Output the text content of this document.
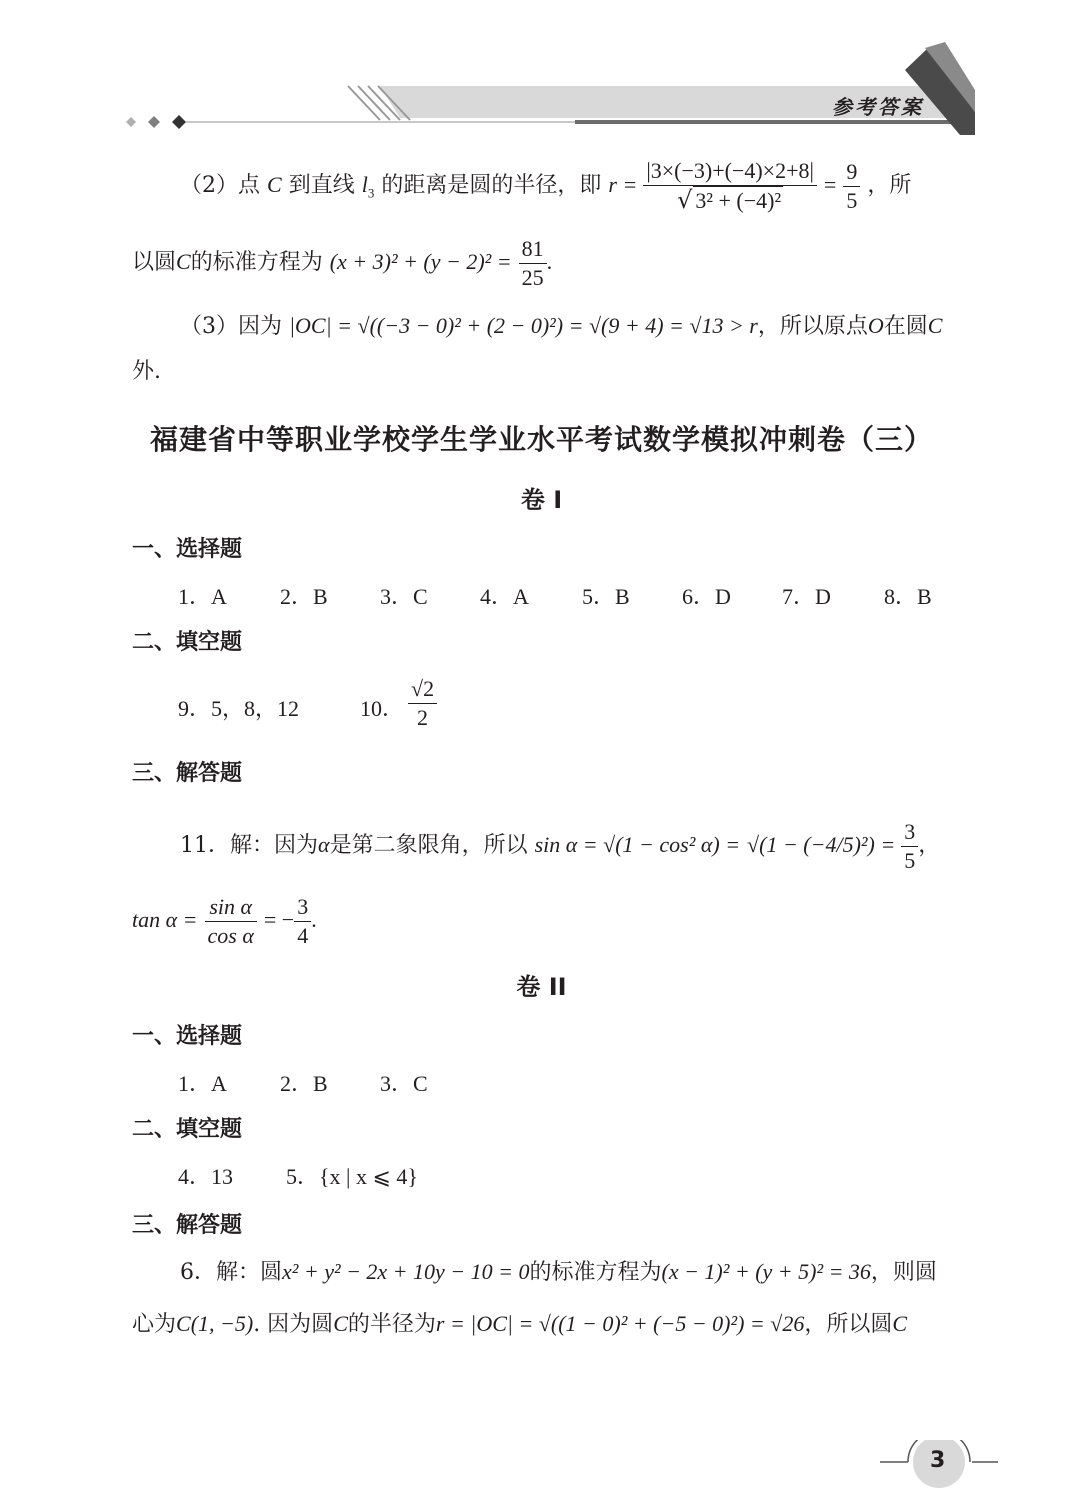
参考答案
（2）点 C 到直线 $l_3$ 的距离是圆的半径，即 $r = \frac{|3\times(-3)+(-4)\times 2+8|}{\text{√ 3² + (−4)²}} = \frac{9}{5}$ ，所
以圆C的标准方程为 $(x + 3)^2 + (y - 2)^2 = \frac{81}{25}$ .
（3）因为 |OC| = √((−3 − 0)² + (2 − 0)²) = √(9 + 4) = √13 > r，所以原点O在圆C
外.
福建省中等职业学校学生学业水平考试数学模拟冲刺卷（三）
卷 I
一、选择题
1．A 2．B 3．C 4．A 5．B 6．D 7．D 8．B
二、填空题
9．5，8，12	10． $\frac{√2}{2}$
三、解答题
11．解：因为α是第二象限角，所以 sin α = √(1 − cos² $\alpha) = √(1 - (-4/5)^2) = \frac{3}{5}$ ，
$\tan \alpha = \frac{\text{sin α}}{\text{cos α}}$ = − $\frac{3}{4}$ .
卷 II
一、选择题
1．A 2．B 3．C
二、填空题
4．13 5．{x | x ⩽ 4}
三、解答题
6．解：圆x² + y² − 2x + 10y − 10 = 0的标准方程为(x − 1)² + (y + 5)² = 36，则圆
心为C(1, −5). 因为圆C的半径为r = |OC| = √((1 − 0)² + (−5 − 0)²) = √26，所以圆C
3
